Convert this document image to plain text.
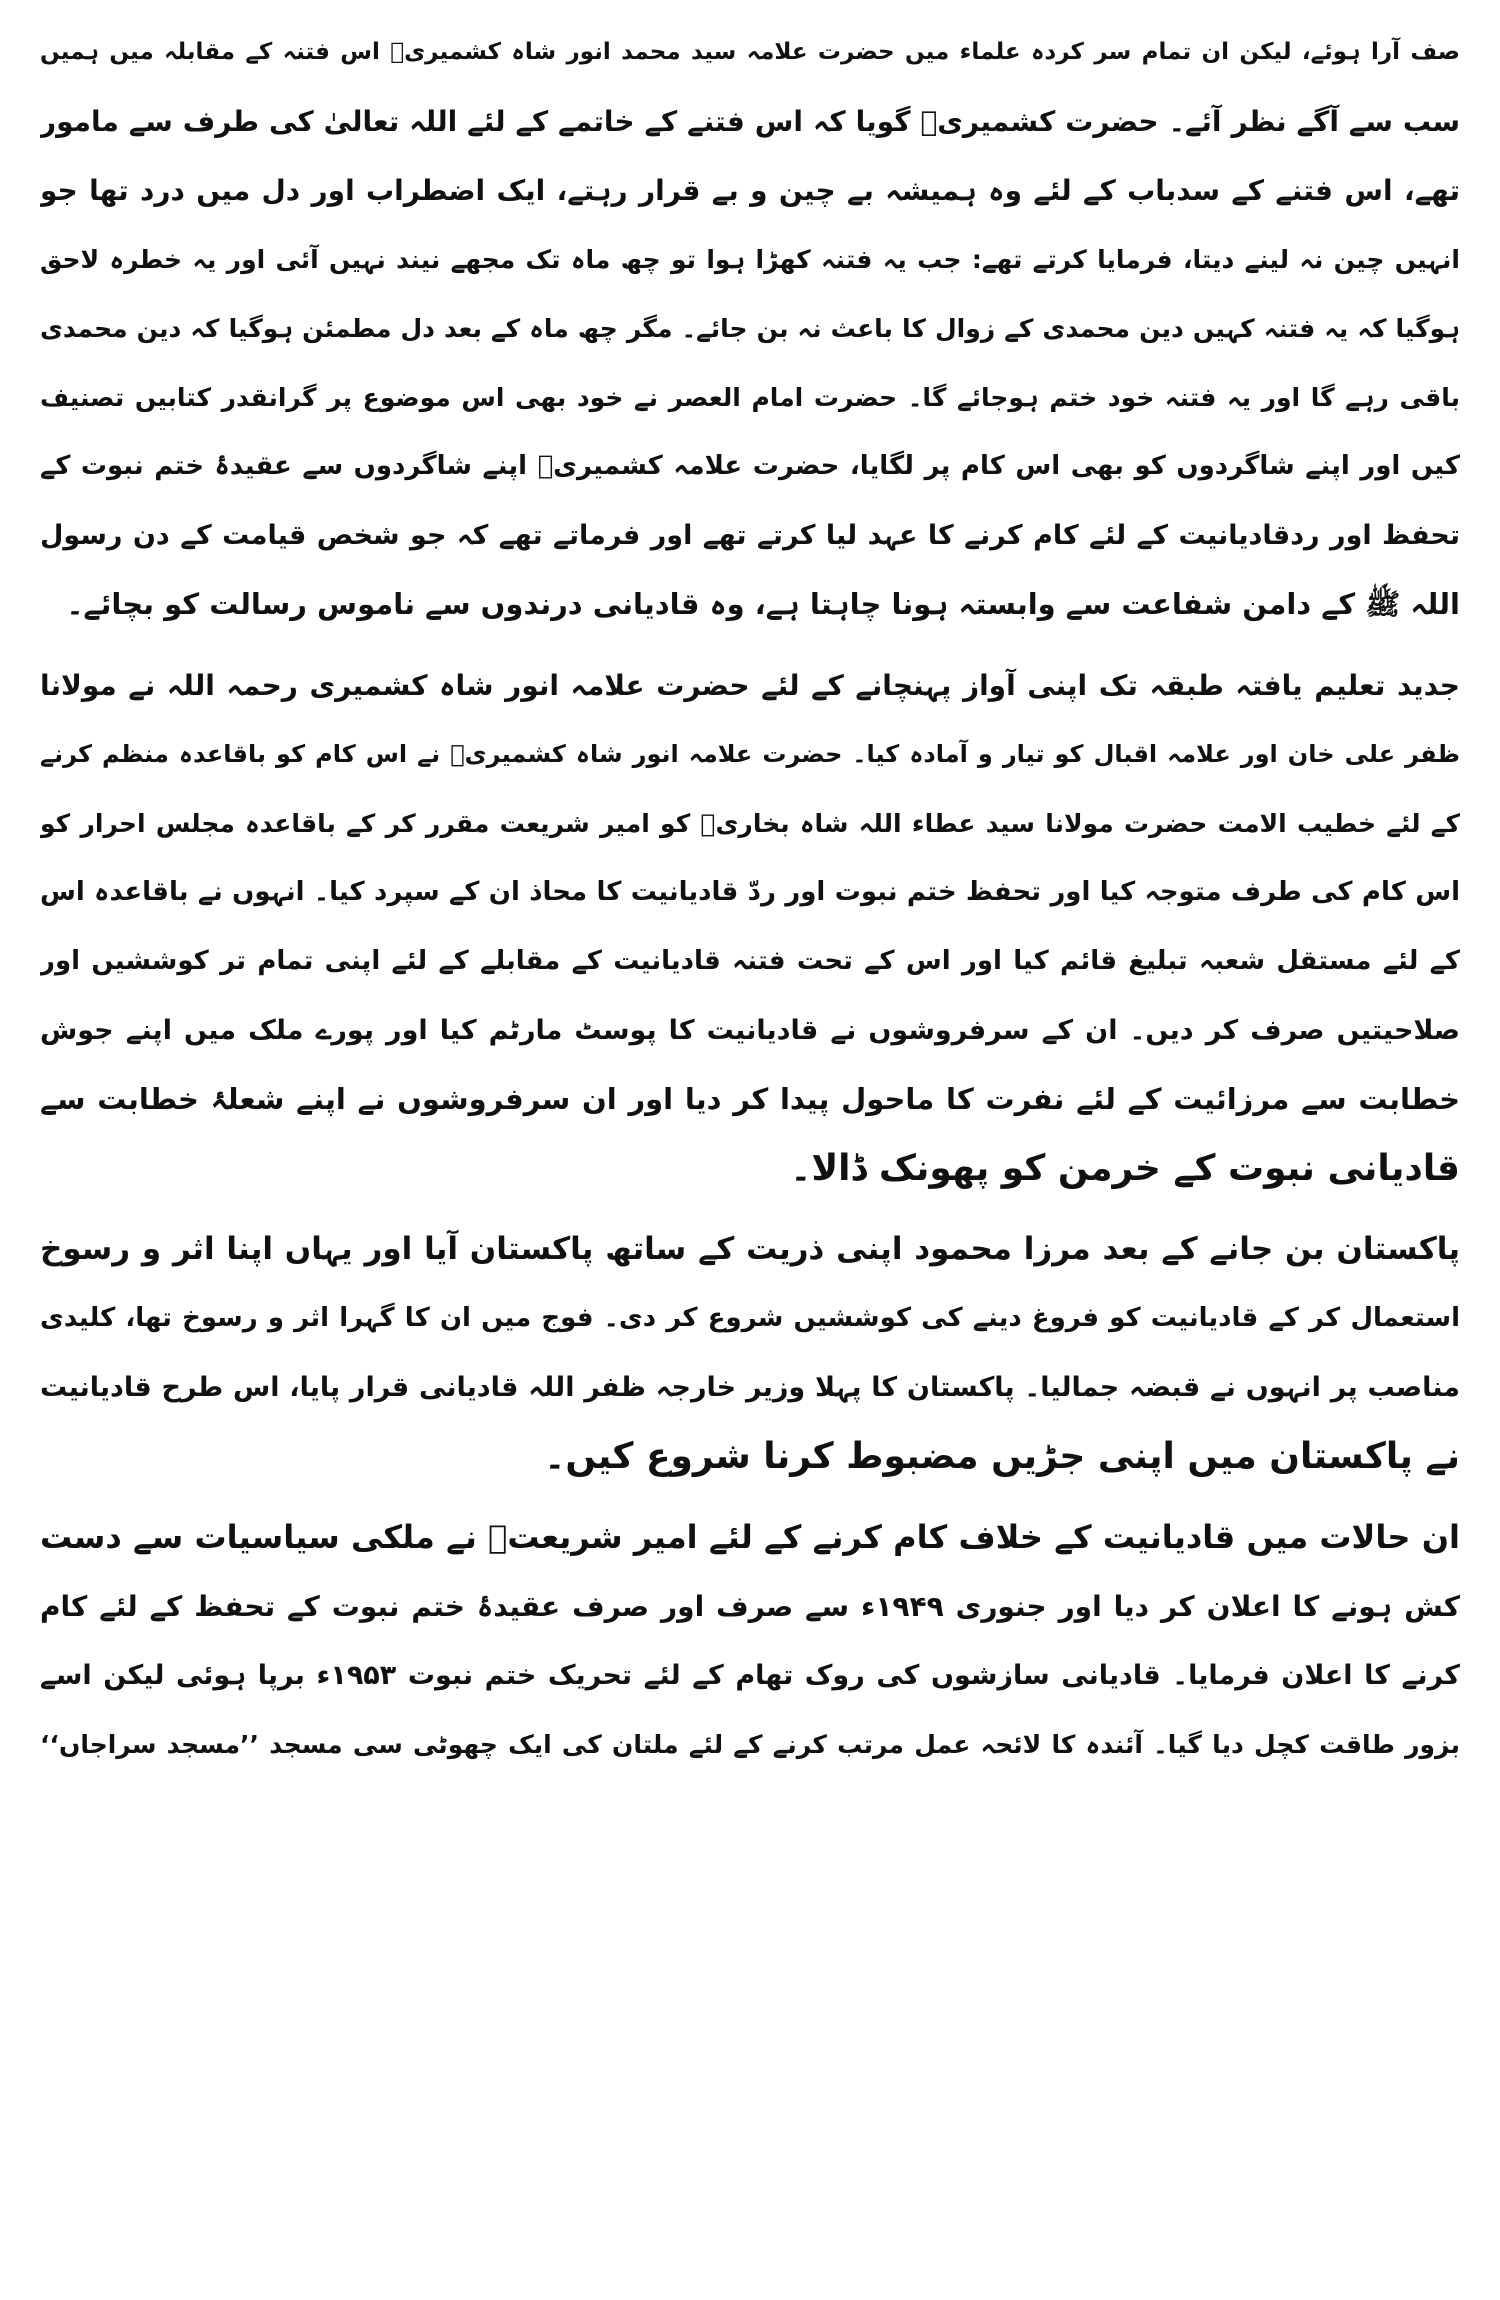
صف آرا ہوئے، لیکن ان تمام سر کردہ علماء میں حضرت علامہ سید محمد انور شاہ کشمیریؒ اس فتنہ کے مقابلہ میں ہمیں
سب سے آگے نظر آئے۔ حضرت کشمیریؒ گویا کہ اس فتنے کے خاتمے کے لئے اللہ تعالیٰ کی طرف سے مامور
تھے، اس فتنے کے سدباب کے لئے وہ ہمیشہ بے چین و بے قرار رہتے، ایک اضطراب اور دل میں درد تھا جو
انہیں چین نہ لینے دیتا، فرمایا کرتے تھے: جب یہ فتنہ کھڑا ہوا تو چھ ماہ تک مجھے نیند نہیں آئی اور یہ خطرہ لاحق
ہوگیا کہ یہ فتنہ کہیں دین محمدی کے زوال کا باعث نہ بن جائے۔ مگر چھ ماہ کے بعد دل مطمئن ہوگیا کہ دین محمدی
باقی رہے گا اور یہ فتنہ خود ختم ہوجائے گا۔ حضرت امام العصر نے خود بھی اس موضوع پر گرانقدر کتابیں تصنیف
کیں اور اپنے شاگردوں کو بھی اس کام پر لگایا، حضرت علامہ کشمیریؒ اپنے شاگردوں سے عقیدۂ ختم نبوت کے
تحفظ اور ردقادیانیت کے لئے کام کرنے کا عہد لیا کرتے تھے اور فرماتے تھے کہ جو شخص قیامت کے دن رسول
اللہ ﷺ کے دامن شفاعت سے وابستہ ہونا چاہتا ہے، وہ قادیانی درندوں سے ناموس رسالت کو بچائے۔
جدید تعلیم یافتہ طبقہ تک اپنی آواز پہنچانے کے لئے حضرت علامہ انور شاہ کشمیری رحمہ اللہ نے مولانا
ظفر علی خان اور علامہ اقبال کو تیار و آمادہ کیا۔ حضرت علامہ انور شاہ کشمیریؒ نے اس کام کو باقاعدہ منظم کرنے
کے لئے خطیب الامت حضرت مولانا سید عطاء اللہ شاہ بخاریؒ کو امیر شریعت مقرر کر کے باقاعدہ مجلس احرار کو
اس کام کی طرف متوجہ کیا اور تحفظ ختم نبوت اور ردّ قادیانیت کا محاذ ان کے سپرد کیا۔ انہوں نے باقاعدہ اس
کے لئے مستقل شعبہ تبلیغ قائم کیا اور اس کے تحت فتنہ قادیانیت کے مقابلے کے لئے اپنی تمام تر کوششیں اور
صلاحیتیں صرف کر دیں۔ ان کے سرفروشوں نے قادیانیت کا پوسٹ مارٹم کیا اور پورے ملک میں اپنے جوش
خطابت سے مرزائیت کے لئے نفرت کا ماحول پیدا کر دیا اور ان سرفروشوں نے اپنے شعلۂ خطابت سے
قادیانی نبوت کے خرمن کو پھونک ڈالا۔
پاکستان بن جانے کے بعد مرزا محمود اپنی ذریت کے ساتھ پاکستان آیا اور یہاں اپنا اثر و رسوخ
استعمال کر کے قادیانیت کو فروغ دینے کی کوششیں شروع کر دی۔ فوج میں ان کا گہرا اثر و رسوخ تھا، کلیدی
مناصب پر انہوں نے قبضہ جمالیا۔ پاکستان کا پہلا وزیر خارجہ ظفر اللہ قادیانی قرار پایا، اس طرح قادیانیت
نے پاکستان میں اپنی جڑیں مضبوط کرنا شروع کیں۔
ان حالات میں قادیانیت کے خلاف کام کرنے کے لئے امیر شریعتؒ نے ملکی سیاسیات سے دست
کش ہونے کا اعلان کر دیا اور جنوری ۱۹۴۹ء سے صرف اور صرف عقیدۂ ختم نبوت کے تحفظ کے لئے کام
کرنے کا اعلان فرمایا۔ قادیانی سازشوں کی روک تھام کے لئے تحریک ختم نبوت ۱۹۵۳ء برپا ہوئی لیکن اسے
بزور طاقت کچل دیا گیا۔ آئندہ کا لائحہ عمل مرتب کرنے کے لئے ملتان کی ایک چھوٹی سی مسجد ’’مسجد سراجاں‘‘
